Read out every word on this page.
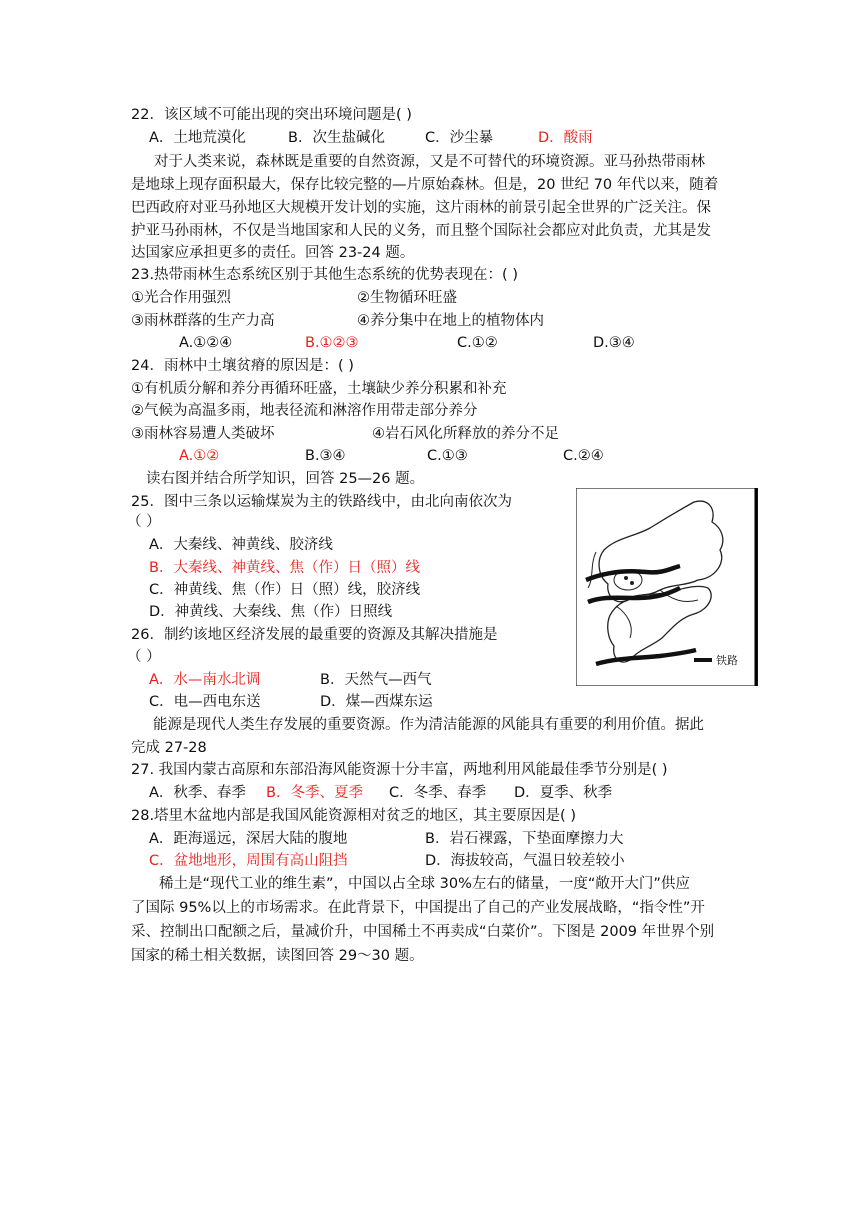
22．该区域不可能出现的突出环境问题是( )
A．土地荒漠化	B．次生盐碱化	C．沙尘暴	D．酸雨
对于人类来说，森林既是重要的自然资源，又是不可替代的环境资源。亚马孙热带雨林
是地球上现存面积最大，保存比较完整的—片原始森林。但是，20 世纪 70 年代以来，随着
巴西政府对亚马孙地区大规模开发计划的实施，这片雨林的前景引起全世界的广泛关注。保
护亚马孙雨林，不仅是当地国家和人民的义务，而且整个国际社会都应对此负责，尤其是发
达国家应承担更多的责任。回答 23-24 题。
23.热带雨林生态系统区别于其他生态系统的优势表现在：( )
①光合作用强烈	②生物循环旺盛
③雨林群落的生产力高	④养分集中在地上的植物体内
A.①②④	B.①②③	C.①②	D.③④
24．雨林中土壤贫瘠的原因是：( )
①有机质分解和养分再循环旺盛，土壤缺少养分积累和补充
②气候为高温多雨，地表径流和淋溶作用带走部分养分
③雨林容易遭人类破坏	④岩石风化所释放的养分不足
A.①②	B.③④	C.①③	C.②④
读右图并结合所学知识，回答 25—26 题。
25．图中三条以运输煤炭为主的铁路线中，由北向南依次为
（ ）
A．大秦线、神黄线、胶济线
B．大秦线、神黄线、焦（作）日（照）线
C．神黄线、焦（作）日（照）线，胶济线
D．神黄线、大秦线、焦（作）日照线
26．制约该地区经济发展的最重要的资源及其解决措施是
（ ）
A．水—南水北调	B．天然气—西气
C．电—西电东送	D．煤—西煤东运
铁路
能源是现代人类生存发展的重要资源。作为清洁能源的风能具有重要的利用价值。据此
完成 27-28
27. 我国内蒙古高原和东部沿海风能资源十分丰富，两地利用风能最佳季节分别是( )
A．秋季、春季 B．冬季、夏季 C．冬季、春季 D．夏季、秋季
28.塔里木盆地内部是我国风能资源相对贫乏的地区，其主要原因是( )
A．距海遥远，深居大陆的腹地	B．岩石裸露，下垫面摩擦力大
C．盆地地形，周围有高山阻挡	D．海拔较高，气温日较差较小
稀土是“现代工业的维生素”，中国以占全球 30%左右的储量，一度“敞开大门”供应
了国际 95%以上的市场需求。在此背景下，中国提出了自己的产业发展战略，“指令性”开
采、控制出口配额之后，量减价升，中国稀土不再卖成“白菜价”。下图是 2009 年世界个别
国家的稀土相关数据，读图回答 29～30 题。
